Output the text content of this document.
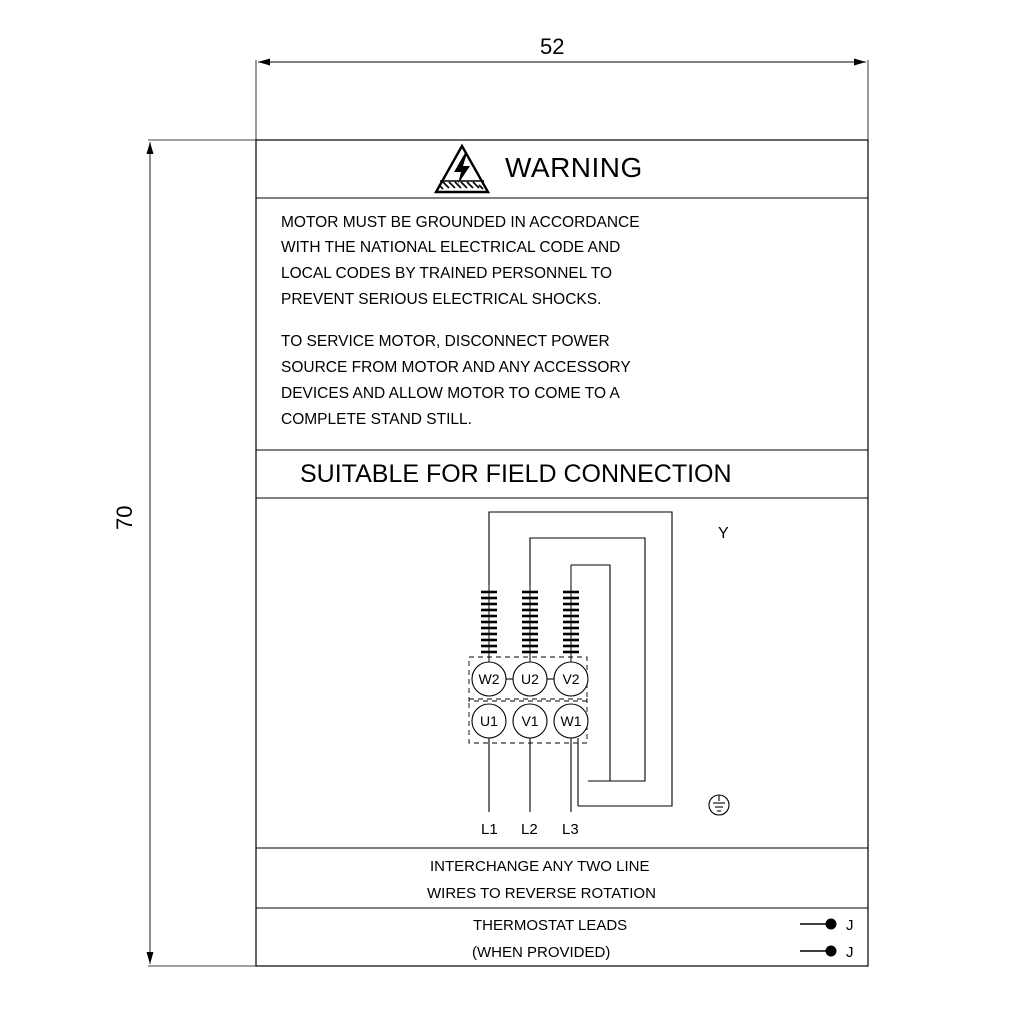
52
70
WARNING
MOTOR MUST BE GROUNDED IN ACCORDANCE
WITH THE NATIONAL ELECTRICAL CODE AND
LOCAL CODES BY TRAINED PERSONNEL TO
PREVENT SERIOUS ELECTRICAL SHOCKS.
TO SERVICE MOTOR, DISCONNECT POWER
SOURCE FROM MOTOR AND ANY ACCESSORY
DEVICES AND ALLOW MOTOR TO COME TO A
COMPLETE STAND STILL.
SUITABLE FOR FIELD CONNECTION
Y
W2	U2	V2
U1	V1	W1
L1 L2 L3
INTERCHANGE ANY TWO LINE
WIRES TO REVERSE ROTATION
THERMOSTAT LEADS
(WHEN PROVIDED)
J
J
